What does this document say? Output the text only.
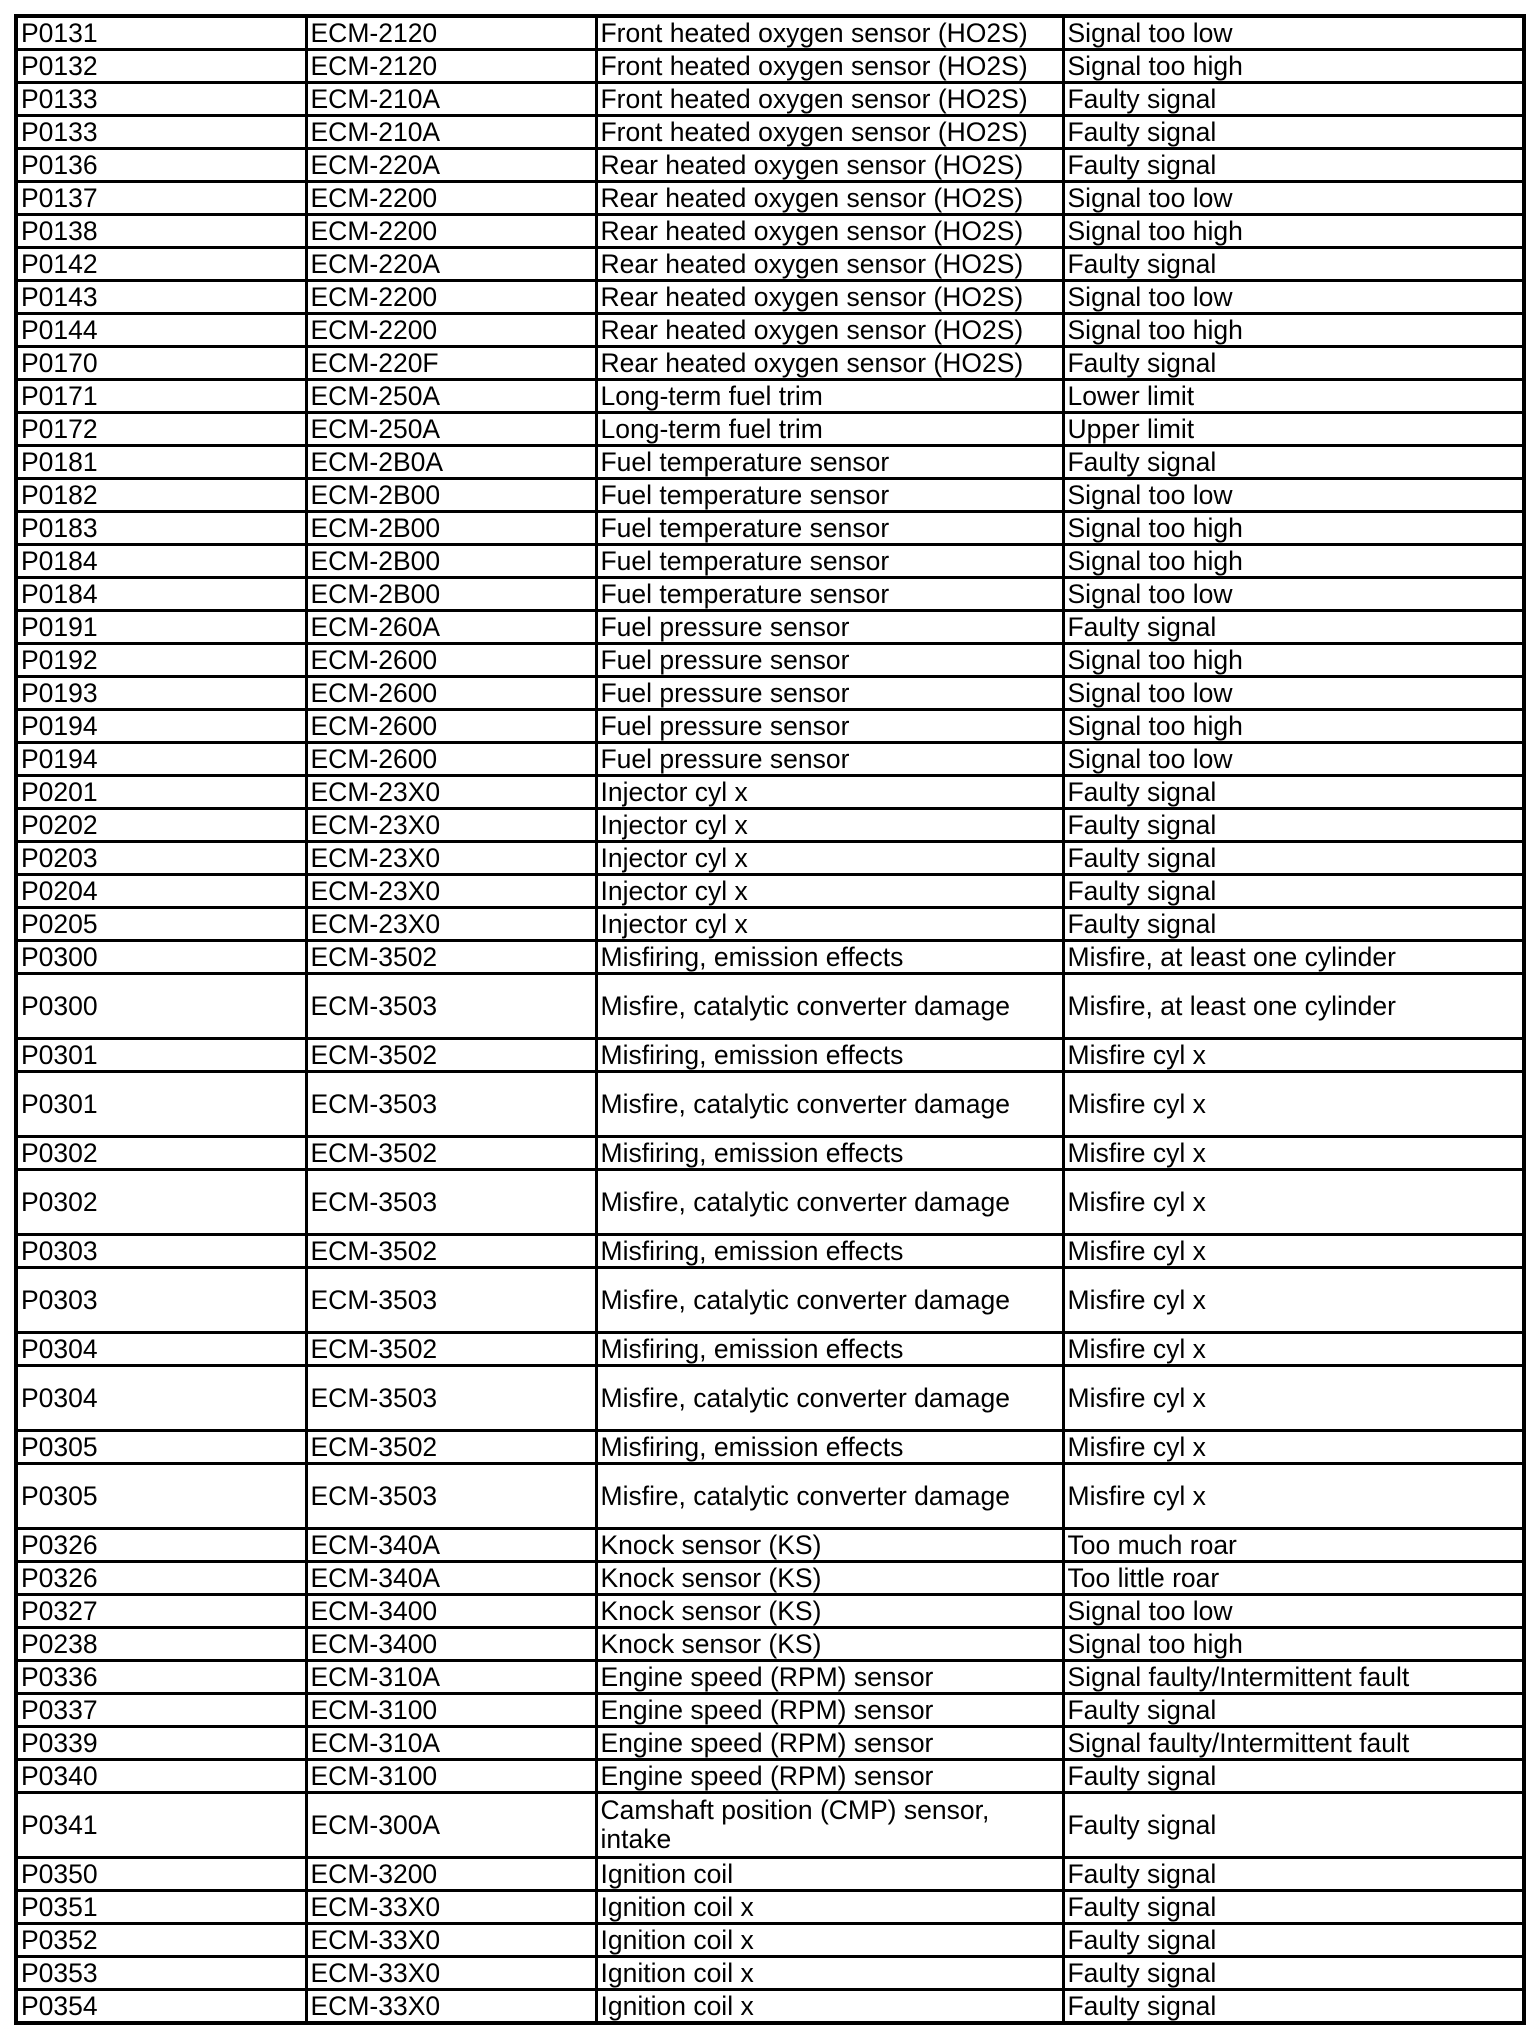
P0131	ECM-2120	Front heated oxygen sensor (HO2S)	Signal too low
P0132	ECM-2120	Front heated oxygen sensor (HO2S)	Signal too high
P0133	ECM-210A	Front heated oxygen sensor (HO2S)	Faulty signal
P0133	ECM-210A	Front heated oxygen sensor (HO2S)	Faulty signal
P0136	ECM-220A	Rear heated oxygen sensor (HO2S)	Faulty signal
P0137	ECM-2200	Rear heated oxygen sensor (HO2S)	Signal too low
P0138	ECM-2200	Rear heated oxygen sensor (HO2S)	Signal too high
P0142	ECM-220A	Rear heated oxygen sensor (HO2S)	Faulty signal
P0143	ECM-2200	Rear heated oxygen sensor (HO2S)	Signal too low
P0144	ECM-2200	Rear heated oxygen sensor (HO2S)	Signal too high
P0170	ECM-220F	Rear heated oxygen sensor (HO2S)	Faulty signal
P0171	ECM-250A	Long-term fuel trim	Lower limit
P0172	ECM-250A	Long-term fuel trim	Upper limit
P0181	ECM-2B0A	Fuel temperature sensor	Faulty signal
P0182	ECM-2B00	Fuel temperature sensor	Signal too low
P0183	ECM-2B00	Fuel temperature sensor	Signal too high
P0184	ECM-2B00	Fuel temperature sensor	Signal too high
P0184	ECM-2B00	Fuel temperature sensor	Signal too low
P0191	ECM-260A	Fuel pressure sensor	Faulty signal
P0192	ECM-2600	Fuel pressure sensor	Signal too high
P0193	ECM-2600	Fuel pressure sensor	Signal too low
P0194	ECM-2600	Fuel pressure sensor	Signal too high
P0194	ECM-2600	Fuel pressure sensor	Signal too low
P0201	ECM-23X0	Injector cyl x	Faulty signal
P0202	ECM-23X0	Injector cyl x	Faulty signal
P0203	ECM-23X0	Injector cyl x	Faulty signal
P0204	ECM-23X0	Injector cyl x	Faulty signal
P0205	ECM-23X0	Injector cyl x	Faulty signal
P0300	ECM-3502	Misfiring, emission effects	Misfire, at least one cylinder
P0300	ECM-3503	Misfire, catalytic converter damage	Misfire, at least one cylinder
P0301	ECM-3502	Misfiring, emission effects	Misfire cyl x
P0301	ECM-3503	Misfire, catalytic converter damage	Misfire cyl x
P0302	ECM-3502	Misfiring, emission effects	Misfire cyl x
P0302	ECM-3503	Misfire, catalytic converter damage	Misfire cyl x
P0303	ECM-3502	Misfiring, emission effects	Misfire cyl x
P0303	ECM-3503	Misfire, catalytic converter damage	Misfire cyl x
P0304	ECM-3502	Misfiring, emission effects	Misfire cyl x
P0304	ECM-3503	Misfire, catalytic converter damage	Misfire cyl x
P0305	ECM-3502	Misfiring, emission effects	Misfire cyl x
P0305	ECM-3503	Misfire, catalytic converter damage	Misfire cyl x
P0326	ECM-340A	Knock sensor (KS)	Too much roar
P0326	ECM-340A	Knock sensor (KS)	Too little roar
P0327	ECM-3400	Knock sensor (KS)	Signal too low
P0238	ECM-3400	Knock sensor (KS)	Signal too high
P0336	ECM-310A	Engine speed (RPM) sensor	Signal faulty/Intermittent fault
P0337	ECM-3100	Engine speed (RPM) sensor	Faulty signal
P0339	ECM-310A	Engine speed (RPM) sensor	Signal faulty/Intermittent fault
P0340	ECM-3100	Engine speed (RPM) sensor	Faulty signal
P0341	ECM-300A	Camshaft position (CMP) sensor, intake	Faulty signal
P0350	ECM-3200	Ignition coil	Faulty signal
P0351	ECM-33X0	Ignition coil x	Faulty signal
P0352	ECM-33X0	Ignition coil x	Faulty signal
P0353	ECM-33X0	Ignition coil x	Faulty signal
P0354	ECM-33X0	Ignition coil x	Faulty signal
